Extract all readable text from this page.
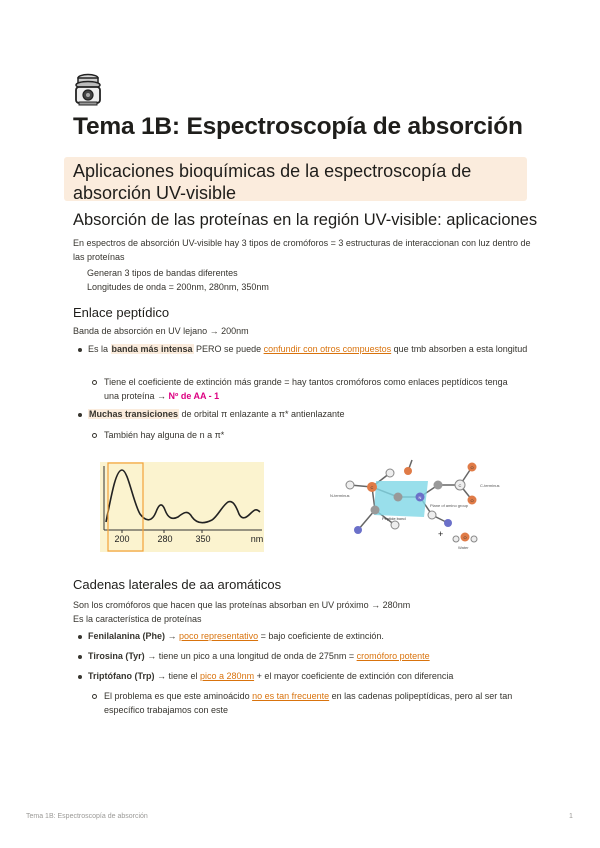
Tema 1B: Espectroscopía de absorción
Aplicaciones bioquímicas de la espectroscopía de absorción UV-visible
Absorción de las proteínas en la región UV-visible: aplicaciones

En espectros de absorción UV-visible hay 3 tipos de cromóforos = 3 estructuras de interaccionan con luz dentro de las proteínas

Generan 3 tipos de bandas diferentes

Longitudes de onda = 200nm, 280nm, 350nm

Enlace peptídico

Banda de absorción en UV lejano → 200nm

Es la banda más intensa PERO se puede confundir con otros compuestos que tmb absorben a esta longitud

Tiene el coeficiente de extinción más grande = hay tantos cromóforos como enlaces peptídicos tenga una proteína → Nº de AA - 1

Muchas transiciones de orbital π enlazante a π* antienlazante

También hay alguna de n a π*

200	280	350	nm
C
N
C
O
O
O
+
N-terminus
C-terminus
Peptide bond
Plane of amino group
Water
Cadenas laterales de aa aromáticos

Son los cromóforos que hacen que las proteínas absorban en UV próximo → 280nm

Es la característica de proteínas

Fenilalanina (Phe) → poco representativo = bajo coeficiente de extinción.

Tirosina (Tyr) → tiene un pico a una longitud de onda de 275nm = cromóforo potente

Triptófano (Trp) → tiene el pico a 280nm + el mayor coeficiente de extinción con diferencia

El problema es que este aminoácido no es tan frecuente en las cadenas polipeptídicas, pero al ser tan específico trabajamos con este

Tema 1B: Espectroscopía de absorción	1
